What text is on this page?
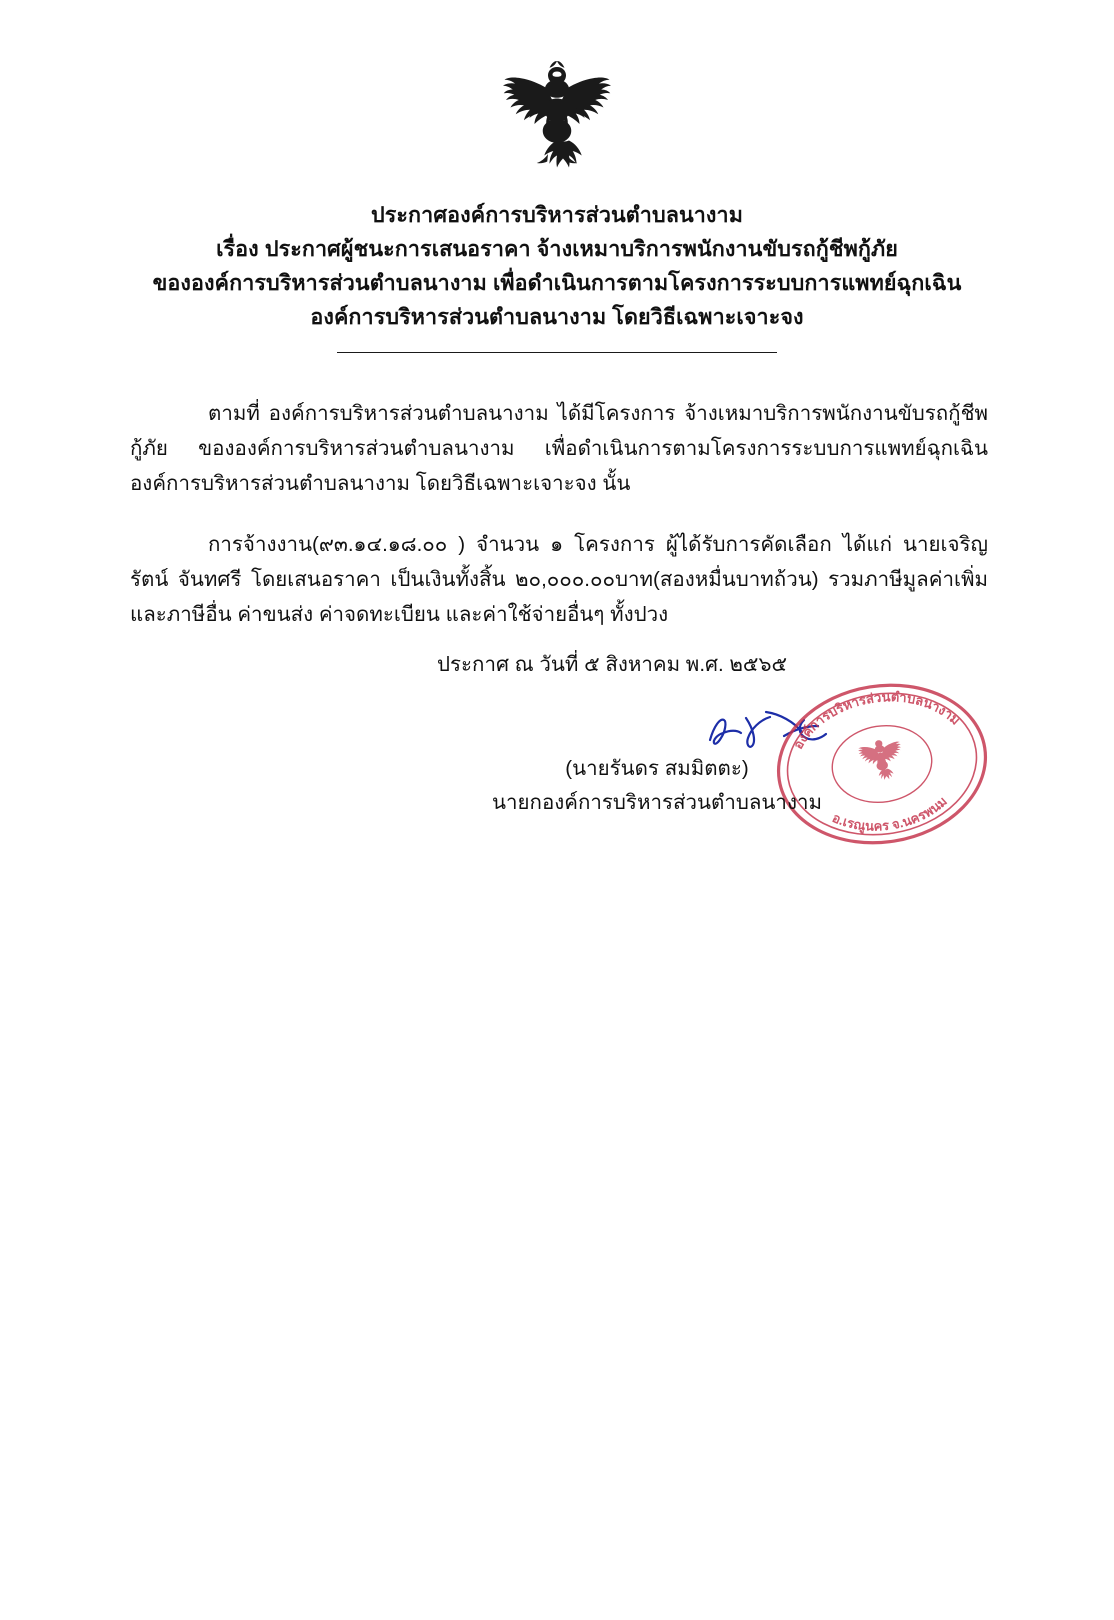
ประกาศองค์การบริหารส่วนตำบลนางาม
เรื่อง ประกาศผู้ชนะการเสนอราคา จ้างเหมาบริการพนักงานขับรถกู้ชีพกู้ภัย
ขององค์การบริหารส่วนตำบลนางาม เพื่อดำเนินการตามโครงการระบบการแพทย์ฉุกเฉิน
องค์การบริหารส่วนตำบลนางาม โดยวิธีเฉพาะเจาะจง

ตามที่ องค์การบริหารส่วนตำบลนางาม ได้มีโครงการ จ้างเหมาบริการพนักงานขับรถกู้ชีพกู้ภัย ขององค์การบริหารส่วนตำบลนางาม เพื่อดำเนินการตามโครงการระบบการแพทย์ฉุกเฉินองค์การบริหารส่วนตำบลนางาม โดยวิธีเฉพาะเจาะจง นั้น

การจ้างงาน(๙๓.๑๔.๑๘.๐๐ ) จำนวน ๑ โครงการ ผู้ได้รับการคัดเลือก ได้แก่ นายเจริญรัตน์ จันทศรี โดยเสนอราคา เป็นเงินทั้งสิ้น ๒๐,๐๐๐.๐๐บาท(สองหมื่นบาทถ้วน) รวมภาษีมูลค่าเพิ่มและภาษีอื่น ค่าขนส่ง ค่าจดทะเบียน และค่าใช้จ่ายอื่นๆ ทั้งปวง

ประกาศ ณ วันที่ ๕ สิงหาคม พ.ศ. ๒๕๖๕
องค์การบริหารส่วนตำบลนางาม
อ.เรณูนคร จ.นครพนม
(นายรันดร สมมิตตะ)
นายกองค์การบริหารส่วนตำบลนางาม
